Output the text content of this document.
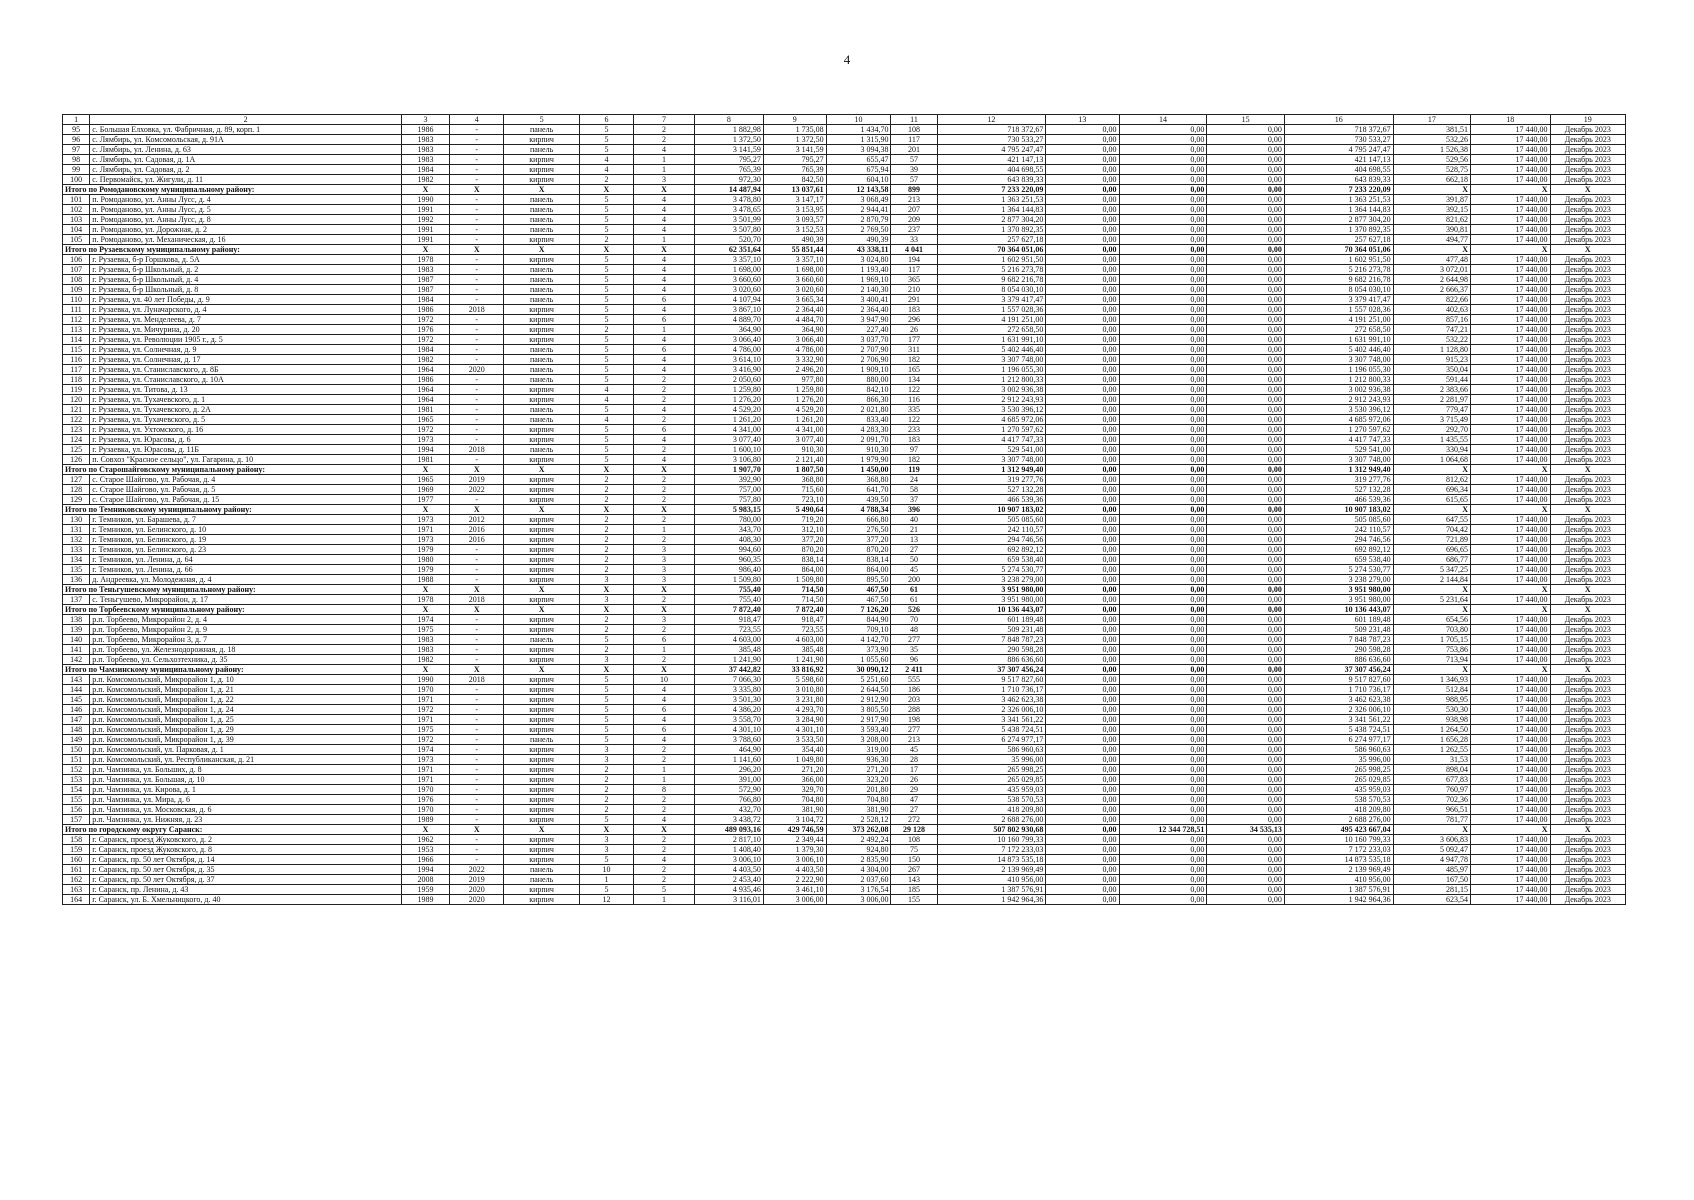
4
1	2	3	4	5	6	7	8	9	10	11	12	13	14	15	16	17	18	19
95	с. Большая Елховка, ул. Фабричная, д. 89, корп. 1	1986	-	панель	5	2	1 882,98	1 735,08	1 434,70	108	718 372,67	0,00	0,00	0,00	718 372,67	381,51	17 440,00	Декабрь 2023
96	с. Лямбирь, ул. Комсомольская, д. 91А	1983	-	кирпич	5	2	1 372,50	1 372,50	1 315,90	117	730 533,27	0,00	0,00	0,00	730 533,27	532,26	17 440,00	Декабрь 2023
97	с. Лямбирь, ул. Ленина, д. 63	1983	-	панель	5	4	3 141,59	3 141,59	3 094,38	201	4 795 247,47	0,00	0,00	0,00	4 795 247,47	1 526,38	17 440,00	Декабрь 2023
98	с. Лямбирь, ул. Садовая, д. 1А	1983	-	кирпич	4	1	795,27	795,27	655,47	57	421 147,13	0,00	0,00	0,00	421 147,13	529,56	17 440,00	Декабрь 2023
99	с. Лямбирь, ул. Садовая, д. 2	1984	-	кирпич	4	1	765,39	765,39	675,94	39	404 698,55	0,00	0,00	0,00	404 698,55	528,75	17 440,00	Декабрь 2023
100	с. Первомайск, ул. Жигули, д. 11	1982	-	кирпич	2	3	972,30	842,50	604,10	57	643 839,33	0,00	0,00	0,00	643 839,33	662,18	17 440,00	Декабрь 2023
Итого по Ромодановскому муниципальному району:		X	X	X	X	X	14 487,94	13 037,61	12 143,58	899	7 233 220,09	0,00	0,00	0,00	7 233 220,09	X	X	X
101	п. Ромоданово, ул. Анны Лусс, д. 4	1990	-	панель	5	4	3 478,80	3 147,17	3 068,49	213	1 363 251,53	0,00	0,00	0,00	1 363 251,53	391,87	17 440,00	Декабрь 2023
102	п. Ромоданово, ул. Анны Лусс, д. 5	1991	-	панель	5	4	3 478,65	3 153,95	2 944,41	207	1 364 144,83	0,00	0,00	0,00	1 364 144,83	392,15	17 440,00	Декабрь 2023
103	п. Ромоданово, ул. Анны Лусс, д. 8	1992	-	панель	5	4	3 501,99	3 093,57	2 870,79	209	2 877 304,20	0,00	0,00	0,00	2 877 304,20	821,62	17 440,00	Декабрь 2023
104	п. Ромоданово, ул. Дорожная, д. 2	1991	-	панель	5	4	3 507,80	3 152,53	2 769,50	237	1 370 892,35	0,00	0,00	0,00	1 370 892,35	390,81	17 440,00	Декабрь 2023
105	п. Ромоданово, ул. Механическая, д. 16	1991	-	кирпич	2	1	520,70	490,39	490,39	33	257 627,18	0,00	0,00	0,00	257 627,18	494,77	17 440,00	Декабрь 2023
Итого по Рузаевскому муниципальному району:		X	X	X	X	X	62 351,64	55 851,44	43 338,11	4 041	70 364 051,06	0,00	0,00	0,00	70 364 051,06	X	X	X
106	г. Рузаевка, б-р Горшкова, д. 5А	1978	-	кирпич	5	4	3 357,10	3 357,10	3 024,80	194	1 602 951,50	0,00	0,00	0,00	1 602 951,50	477,48	17 440,00	Декабрь 2023
107	г. Рузаевка, б-р Школьный, д. 2	1983	-	панель	5	4	1 698,00	1 698,00	1 193,40	117	5 216 273,78	0,00	0,00	0,00	5 216 273,78	3 072,01	17 440,00	Декабрь 2023
108	г. Рузаевка, б-р Школьный, д. 4	1987	-	панель	5	4	3 660,60	3 660,60	1 969,10	365	9 682 216,78	0,00	0,00	0,00	9 682 216,78	2 644,98	17 440,00	Декабрь 2023
109	г. Рузаевка, б-р Школьный, д. 8	1987	-	панель	5	4	3 020,60	3 020,60	2 140,30	210	8 054 030,10	0,00	0,00	0,00	8 054 030,10	2 666,37	17 440,00	Декабрь 2023
110	г. Рузаевка, ул. 40 лет Победы, д. 9	1984	-	панель	5	6	4 107,94	3 665,34	3 400,41	291	3 379 417,47	0,00	0,00	0,00	3 379 417,47	822,66	17 440,00	Декабрь 2023
111	г. Рузаевка, ул. Луначарского, д. 4	1986	2018	кирпич	5	4	3 867,10	2 364,40	2 364,40	183	1 557 028,36	0,00	0,00	0,00	1 557 028,36	402,63	17 440,00	Декабрь 2023
112	г. Рузаевка, ул. Менделеева, д. 7	1972	-	кирпич	5	6	4 889,70	4 484,70	3 947,90	296	4 191 251,00	0,00	0,00	0,00	4 191 251,00	857,16	17 440,00	Декабрь 2023
113	г. Рузаевка, ул. Мичурина, д. 20	1976	-	кирпич	2	1	364,90	364,90	227,40	26	272 658,50	0,00	0,00	0,00	272 658,50	747,21	17 440,00	Декабрь 2023
114	г. Рузаевка, ул. Революции 1905 г., д. 5	1972	-	кирпич	5	4	3 066,40	3 066,40	3 037,70	177	1 631 991,10	0,00	0,00	0,00	1 631 991,10	532,22	17 440,00	Декабрь 2023
115	г. Рузаевка, ул. Солнечная, д. 9	1984	-	панель	5	6	4 786,00	4 786,00	2 707,90	311	5 402 446,40	0,00	0,00	0,00	5 402 446,40	1 128,80	17 440,00	Декабрь 2023
116	г. Рузаевка, ул. Солнечная, д. 17	1982	-	панель	5	4	3 614,10	3 332,90	2 706,90	182	3 307 748,00	0,00	0,00	0,00	3 307 748,00	915,23	17 440,00	Декабрь 2023
117	г. Рузаевка, ул. Станиславского, д. 8Б	1964	2020	панель	5	4	3 416,90	2 496,20	1 909,10	165	1 196 055,30	0,00	0,00	0,00	1 196 055,30	350,04	17 440,00	Декабрь 2023
118	г. Рузаевка, ул. Станиславского, д. 10А	1986	-	панель	5	2	2 050,60	977,80	880,00	134	1 212 800,33	0,00	0,00	0,00	1 212 800,33	591,44	17 440,00	Декабрь 2023
119	г. Рузаевка, ул. Титова, д. 13	1964	-	кирпич	4	2	1 259,80	1 259,80	842,10	122	3 002 936,38	0,00	0,00	0,00	3 002 936,38	2 383,66	17 440,00	Декабрь 2023
120	г. Рузаевка, ул. Тухачевского, д. 1	1964	-	кирпич	4	2	1 276,20	1 276,20	866,30	116	2 912 243,93	0,00	0,00	0,00	2 912 243,93	2 281,97	17 440,00	Декабрь 2023
121	г. Рузаевка, ул. Тухачевского, д. 2А	1981	-	панель	5	4	4 529,20	4 529,20	2 021,80	335	3 530 396,12	0,00	0,00	0,00	3 530 396,12	779,47	17 440,00	Декабрь 2023
122	г. Рузаевка, ул. Тухачевского, д. 5	1965	-	панель	4	2	1 261,20	1 261,20	833,40	122	4 685 972,06	0,00	0,00	0,00	4 685 972,06	3 715,49	17 440,00	Декабрь 2023
123	г. Рузаевка, ул. Ухтомского, д. 16	1972	-	кирпич	5	6	4 341,00	4 341,00	4 283,30	233	1 270 597,62	0,00	0,00	0,00	1 270 597,62	292,70	17 440,00	Декабрь 2023
124	г. Рузаевка, ул. Юрасова, д. 6	1973	-	кирпич	5	4	3 077,40	3 077,40	2 091,70	183	4 417 747,33	0,00	0,00	0,00	4 417 747,33	1 435,55	17 440,00	Декабрь 2023
125	г. Рузаевка, ул. Юрасова, д. 11Б	1994	2018	панель	5	2	1 600,10	910,30	910,30	97	529 541,00	0,00	0,00	0,00	529 541,00	330,94	17 440,00	Декабрь 2023
126	п. Совхоз "Красное сельцо", ул. Гагарина, д. 10	1981	-	кирпич	5	4	3 106,80	2 121,40	1 979,90	182	3 307 748,00	0,00	0,00	0,00	3 307 748,00	1 064,68	17 440,00	Декабрь 2023
Итого по Старошайговскому муниципальному району:		X	X	X	X	X	1 907,70	1 807,50	1 450,00	119	1 312 949,40	0,00	0,00	0,00	1 312 949,40	X	X	X
127	с. Старое Шайгово, ул. Рабочая, д. 4	1965	2019	кирпич	2	2	392,90	368,80	368,80	24	319 277,76	0,00	0,00	0,00	319 277,76	812,62	17 440,00	Декабрь 2023
128	с. Старое Шайгово, ул. Рабочая, д. 5	1969	2022	кирпич	2	2	757,00	715,60	641,70	58	527 132,28	0,00	0,00	0,00	527 132,28	696,34	17 440,00	Декабрь 2023
129	с. Старое Шайгово, ул. Рабочая, д. 15	1977	-	кирпич	2	2	757,80	723,10	439,50	37	466 539,36	0,00	0,00	0,00	466 539,36	615,65	17 440,00	Декабрь 2023
Итого по Темниковскому муниципальному району:		X	X	X	X	X	5 983,15	5 490,64	4 788,34	396	10 907 183,02	0,00	0,00	0,00	10 907 183,02	X	X	X
130	г. Темников, ул. Барашева, д. 7	1973	2012	кирпич	2	2	780,00	719,20	666,80	40	505 085,60	0,00	0,00	0,00	505 085,60	647,55	17 440,00	Декабрь 2023
131	г. Темников, ул. Белинского, д. 10	1971	2016	кирпич	2	1	343,70	312,10	276,50	21	242 110,57	0,00	0,00	0,00	242 110,57	704,42	17 440,00	Декабрь 2023
132	г. Темников, ул. Белинского, д. 19	1973	2016	кирпич	2	2	408,30	377,20	377,20	13	294 746,56	0,00	0,00	0,00	294 746,56	721,89	17 440,00	Декабрь 2023
133	г. Темников, ул. Белинского, д. 23	1979	-	кирпич	2	3	994,60	870,20	870,20	27	692 892,12	0,00	0,00	0,00	692 892,12	696,65	17 440,00	Декабрь 2023
134	г. Темников, ул. Ленина, д. 64	1980	-	кирпич	2	3	960,35	838,14	838,14	50	659 538,40	0,00	0,00	0,00	659 538,40	686,77	17 440,00	Декабрь 2023
135	г. Темников, ул. Ленина, д. 66	1979	-	кирпич	2	3	986,40	864,00	864,00	45	5 274 530,77	0,00	0,00	0,00	5 274 530,77	5 347,25	17 440,00	Декабрь 2023
136	д. Андреевка, ул. Молодежная, д. 4	1988	-	кирпич	3	3	1 509,80	1 509,80	895,50	200	3 238 279,00	0,00	0,00	0,00	3 238 279,00	2 144,84	17 440,00	Декабрь 2023
Итого по Теньгушевскому муниципальному району:		X	X	X	X	X	755,40	714,50	467,50	61	3 951 980,00	0,00	0,00	0,00	3 951 980,00	X	X	X
137	с. Теньгушево, Микрорайон, д. 17	1978	2018	кирпич	3	2	755,40	714,50	467,50	61	3 951 980,00	0,00	0,00	0,00	3 951 980,00	5 231,64	17 440,00	Декабрь 2023
Итого по Торбеевскому муниципальному району:		X	X	X	X	X	7 872,40	7 872,40	7 126,20	526	10 136 443,07	0,00	0,00	0,00	10 136 443,07	X	X	X
138	р.п. Торбеево, Микрорайон 2, д. 4	1974	-	кирпич	2	3	918,47	918,47	844,90	70	601 189,48	0,00	0,00	0,00	601 189,48	654,56	17 440,00	Декабрь 2023
139	р.п. Торбеево, Микрорайон 2, д. 9	1975	-	кирпич	2	2	723,55	723,55	709,10	48	509 231,48	0,00	0,00	0,00	509 231,48	703,80	17 440,00	Декабрь 2023
140	р.п. Торбеево, Микрорайон 3, д. 7	1983	-	панель	5	6	4 603,00	4 603,00	4 142,70	277	7 848 787,23	0,00	0,00	0,00	7 848 787,23	1 705,15	17 440,00	Декабрь 2023
141	р.п. Торбеево, ул. Железнодорожная, д. 18	1983	-	кирпич	2	1	385,48	385,48	373,90	35	290 598,28	0,00	0,00	0,00	290 598,28	753,86	17 440,00	Декабрь 2023
142	р.п. Торбеево, ул. Сельхозтехника, д. 35	1982	-	кирпич	3	2	1 241,90	1 241,90	1 055,60	96	886 636,60	0,00	0,00	0,00	886 636,60	713,94	17 440,00	Декабрь 2023
Итого по Чамзинскому муниципальному району:		X	X	X	X	X	37 442,82	33 816,92	30 090,12	2 411	37 307 456,24	0,00	0,00	0,00	37 307 456,24	X	X	X
143	р.п. Комсомольский, Микрорайон 1, д. 10	1990	2018	кирпич	5	10	7 066,30	5 598,60	5 251,60	555	9 517 827,60	0,00	0,00	0,00	9 517 827,60	1 346,93	17 440,00	Декабрь 2023
144	р.п. Комсомольский, Микрорайон 1, д. 21	1970	-	кирпич	5	4	3 335,80	3 010,80	2 644,50	186	1 710 736,17	0,00	0,00	0,00	1 710 736,17	512,84	17 440,00	Декабрь 2023
145	р.п. Комсомольский, Микрорайон 1, д. 22	1971	-	кирпич	5	4	3 501,30	3 231,80	2 912,90	203	3 462 623,38	0,00	0,00	0,00	3 462 623,38	988,95	17 440,00	Декабрь 2023
146	р.п. Комсомольский, Микрорайон 1, д. 24	1972	-	кирпич	5	6	4 386,20	4 293,70	3 805,50	288	2 326 006,10	0,00	0,00	0,00	2 326 006,10	530,30	17 440,00	Декабрь 2023
147	р.п. Комсомольский, Микрорайон 1, д. 25	1971	-	кирпич	5	4	3 558,70	3 284,90	2 917,90	198	3 341 561,22	0,00	0,00	0,00	3 341 561,22	938,98	17 440,00	Декабрь 2023
148	р.п. Комсомольский, Микрорайон 1, д. 29	1975	-	кирпич	5	6	4 301,10	4 301,10	3 593,40	277	5 438 724,51	0,00	0,00	0,00	5 438 724,51	1 264,50	17 440,00	Декабрь 2023
149	р.п. Комсомольский, Микрорайон 1, д. 39	1972	-	панель	5	4	3 788,60	3 533,50	3 208,00	213	6 274 977,17	0,00	0,00	0,00	6 274 977,17	1 656,28	17 440,00	Декабрь 2023
150	р.п. Комсомольский, ул. Парковая, д. 1	1974	-	кирпич	3	2	464,90	354,40	319,00	45	586 960,63	0,00	0,00	0,00	586 960,63	1 262,55	17 440,00	Декабрь 2023
151	р.п. Комсомольский, ул. Республиканская, д. 21	1973	-	кирпич	3	2	1 141,60	1 049,80	936,30	28	35 996,00	0,00	0,00	0,00	35 996,00	31,53	17 440,00	Декабрь 2023
152	р.п. Чамзинка, ул. Больших, д. 8	1971	-	кирпич	2	1	296,20	271,20	271,20	17	265 998,25	0,00	0,00	0,00	265 998,25	898,04	17 440,00	Декабрь 2023
153	р.п. Чамзинка, ул. Большая, д. 10	1971	-	кирпич	2	1	391,00	366,00	323,20	26	265 029,85	0,00	0,00	0,00	265 029,85	677,83	17 440,00	Декабрь 2023
154	р.п. Чамзинка, ул. Кирова, д. 1	1970	-	кирпич	2	8	572,90	329,70	201,80	29	435 959,03	0,00	0,00	0,00	435 959,03	760,97	17 440,00	Декабрь 2023
155	р.п. Чамзинка, ул. Мира, д. 6	1976	-	кирпич	2	2	766,80	704,80	704,80	47	538 570,53	0,00	0,00	0,00	538 570,53	702,36	17 440,00	Декабрь 2023
156	р.п. Чамзинка, ул. Московская, д. 6	1970	-	кирпич	2	2	432,70	381,90	381,90	27	418 209,80	0,00	0,00	0,00	418 209,80	966,51	17 440,00	Декабрь 2023
157	р.п. Чамзинка, ул. Нижняя, д. 23	1989	-	кирпич	5	4	3 438,72	3 104,72	2 528,12	272	2 688 276,00	0,00	0,00	0,00	2 688 276,00	781,77	17 440,00	Декабрь 2023
Итого по городскому округу Саранск:		X	X	X	X	X	489 093,16	429 746,59	373 262,08	29 128	507 802 930,68	0,00	12 344 728,51	34 535,13	495 423 667,04	X	X	X
158	г. Саранск, проезд Жуковского, д. 2	1962	-	кирпич	3	2	2 817,10	2 349,44	2 492,24	108	10 160 799,33	0,00	0,00	0,00	10 160 799,33	3 606,83	17 440,00	Декабрь 2023
159	г. Саранск, проезд Жуковского, д. 8	1953	-	кирпич	3	2	1 408,40	1 379,30	924,80	75	7 172 233,03	0,00	0,00	0,00	7 172 233,03	5 092,47	17 440,00	Декабрь 2023
160	г. Саранск, пр. 50 лет Октября, д. 14	1966	-	кирпич	5	4	3 006,10	3 006,10	2 835,90	150	14 873 535,18	0,00	0,00	0,00	14 873 535,18	4 947,78	17 440,00	Декабрь 2023
161	г. Саранск, пр. 50 лет Октября, д. 35	1994	2022	панель	10	2	4 403,50	4 403,50	4 304,00	267	2 139 969,49	0,00	0,00	0,00	2 139 969,49	485,97	17 440,00	Декабрь 2023
162	г. Саранск, пр. 50 лет Октября, д. 37	2008	2019	панель	1	2	2 453,40	2 222,90	2 037,60	143	410 956,00	0,00	0,00	0,00	410 956,00	167,50	17 440,00	Декабрь 2023
163	г. Саранск, пр. Ленина, д. 43	1959	2020	кирпич	5	5	4 935,46	3 461,10	3 176,54	185	1 387 576,91	0,00	0,00	0,00	1 387 576,91	281,15	17 440,00	Декабрь 2023
164	г. Саранск, ул. Б. Хмельницкого, д. 40	1989	2020	кирпич	12	1	3 116,01	3 006,00	3 006,00	155	1 942 964,36	0,00	0,00	0,00	1 942 964,36	623,54	17 440,00	Декабрь 2023
